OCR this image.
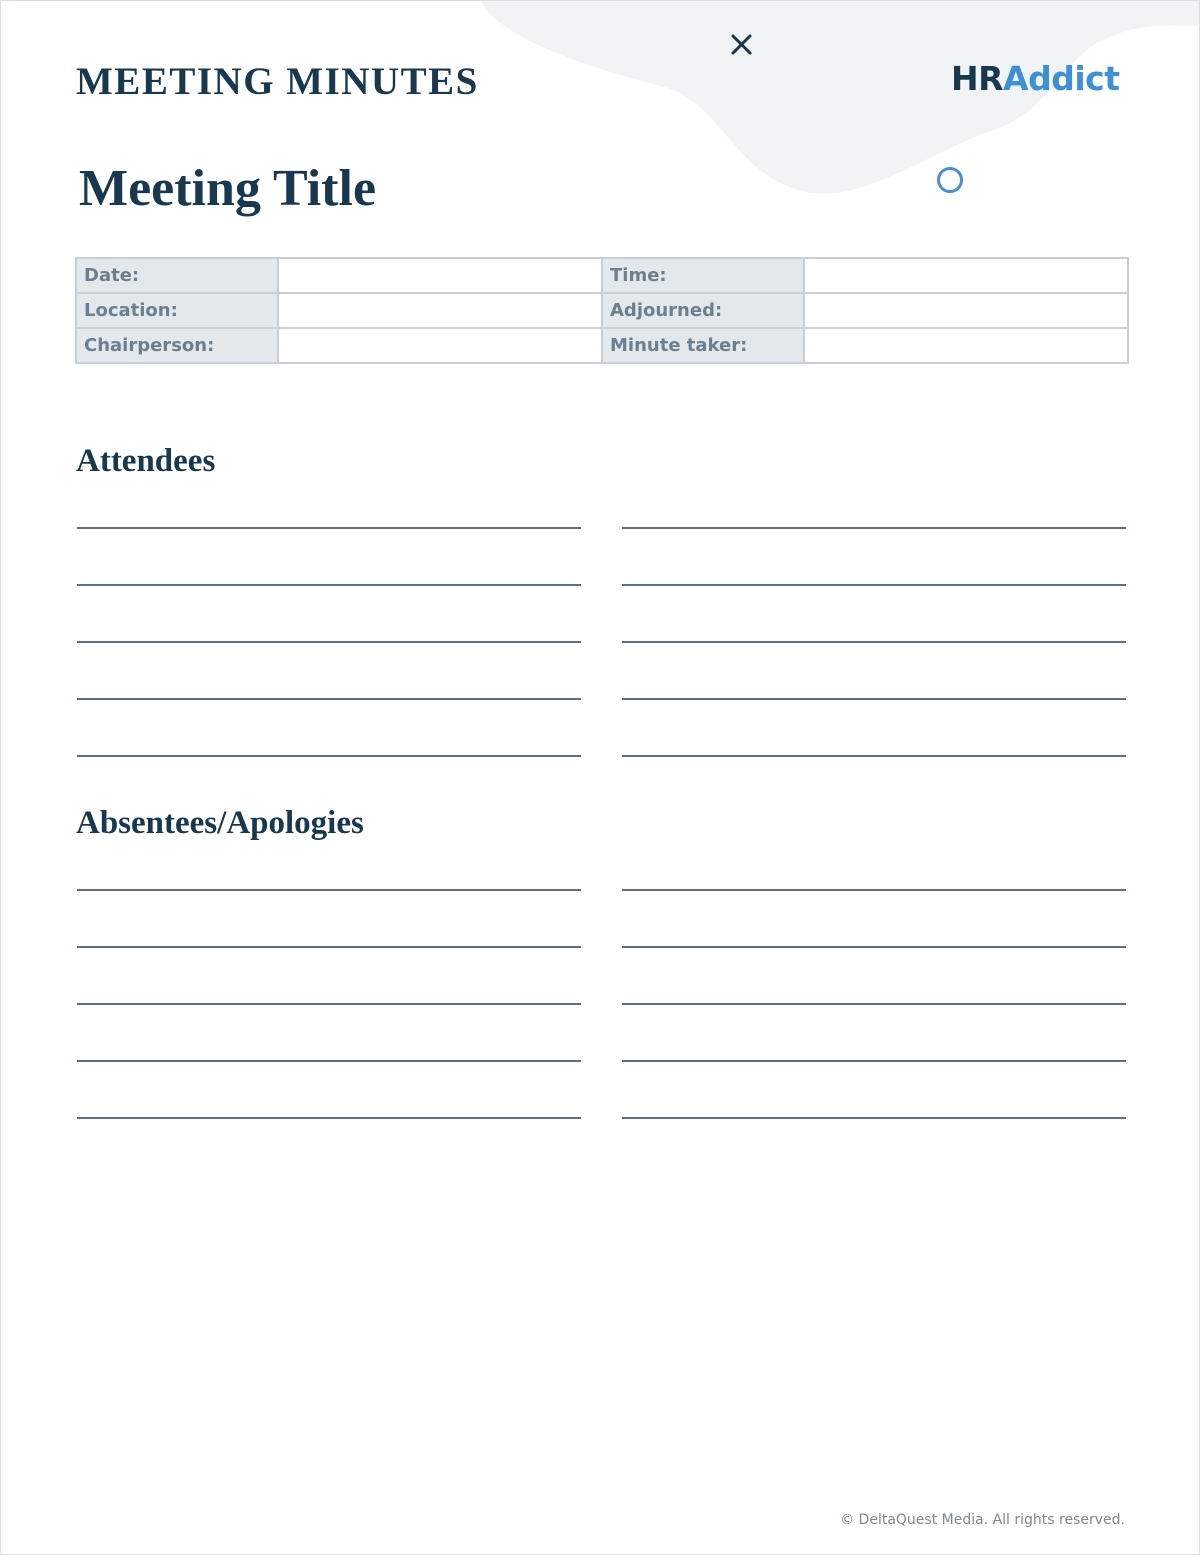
MEETING MINUTES	HRAddict
Meeting Title
Date:		Time:	
Location:		Adjourned:	
Chairperson:		Minute taker:	
Attendees
Absentees/Apologies
© DeltaQuest Media. All rights reserved.
